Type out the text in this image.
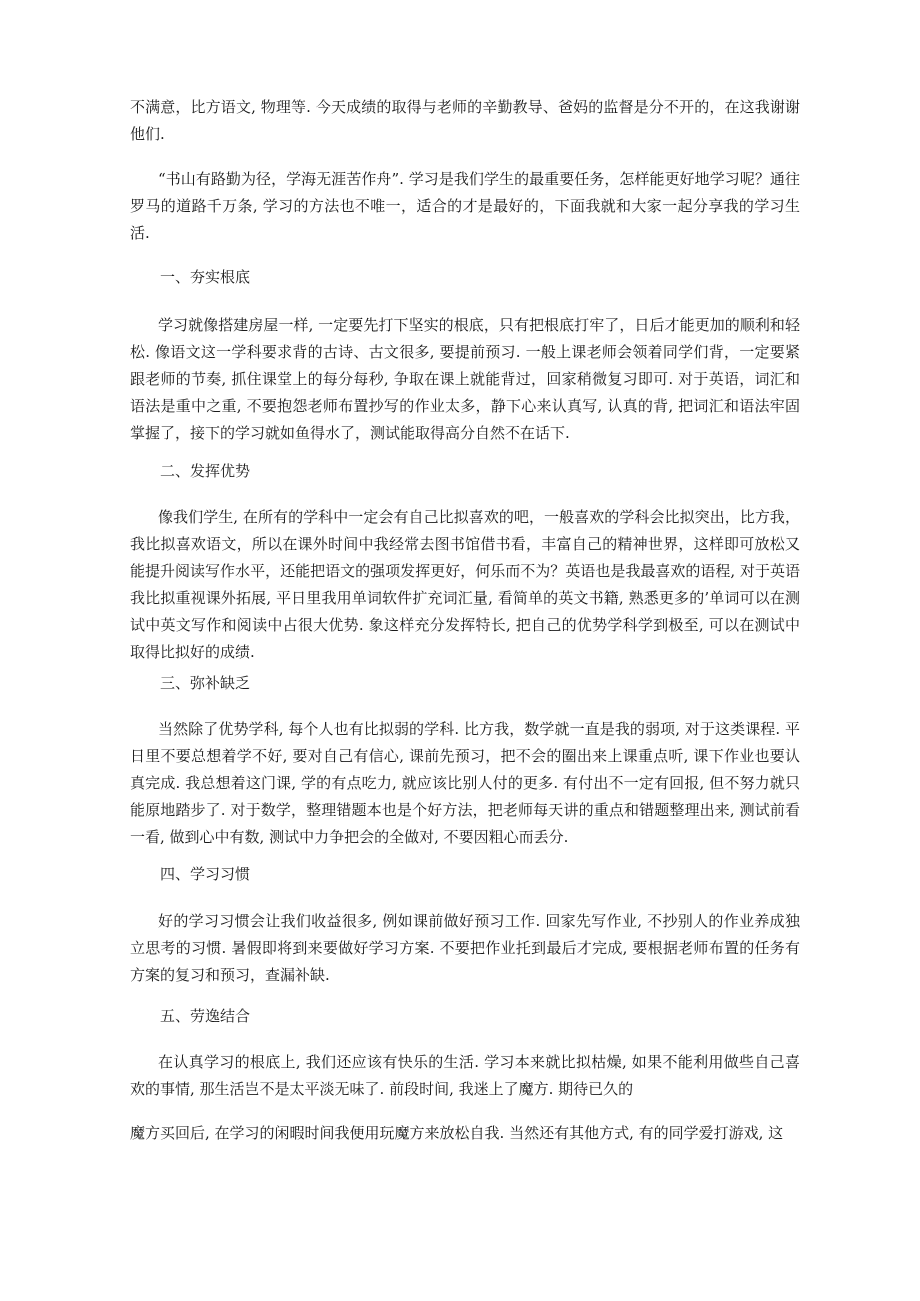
不满意，比方语文, 物理等. 今天成绩的取得与老师的辛勤教导、爸妈的监督是分不开的，在这我谢谢他们.

“书山有路勤为径，学海无涯苦作舟”. 学习是我们学生的最重要任务，怎样能更好地学习呢？通往罗马的道路千万条, 学习的方法也不唯一，适合的才是最好的，下面我就和大家一起分享我的学习生活.

一、夯实根底

学习就像搭建房屋一样, 一定要先打下坚实的根底，只有把根底打牢了，日后才能更加的顺利和轻松. 像语文这一学科要求背的古诗、古文很多, 要提前预习. 一般上课老师会领着同学们背，一定要紧跟老师的节奏, 抓住课堂上的每分每秒, 争取在课上就能背过，回家稍微复习即可. 对于英语，词汇和语法是重中之重, 不要抱怨老师布置抄写的作业太多，静下心来认真写, 认真的背, 把词汇和语法牢固掌握了，接下的学习就如鱼得水了，测试能取得高分自然不在话下.

二、发挥优势

像我们学生, 在所有的学科中一定会有自己比拟喜欢的吧，一般喜欢的学科会比拟突出，比方我，我比拟喜欢语文，所以在课外时间中我经常去图书馆借书看，丰富自己的精神世界，这样即可放松又能提升阅读写作水平，还能把语文的强项发挥更好，何乐而不为？英语也是我最喜欢的语程, 对于英语我比拟重视课外拓展, 平日里我用单词软件扩充词汇量, 看简单的英文书籍, 熟悉更多的’单词可以在测试中英文写作和阅读中占很大优势. 象这样充分发挥特长, 把自己的优势学科学到极至, 可以在测试中取得比拟好的成绩.

三、弥补缺乏

当然除了优势学科, 每个人也有比拟弱的学科. 比方我，数学就一直是我的弱项, 对于这类课程. 平日里不要总想着学不好, 要对自己有信心, 课前先预习，把不会的圈出来上课重点听, 课下作业也要认真完成. 我总想着这门课, 学的有点吃力, 就应该比别人付的更多. 有付出不一定有回报, 但不努力就只能原地踏步了. 对于数学，整理错题本也是个好方法，把老师每天讲的重点和错题整理出来, 测试前看一看, 做到心中有数, 测试中力争把会的全做对, 不要因粗心而丢分.

四、学习习惯

好的学习习惯会让我们收益很多, 例如课前做好预习工作. 回家先写作业, 不抄别人的作业养成独立思考的习惯. 暑假即将到来要做好学习方案. 不要把作业托到最后才完成, 要根据老师布置的任务有方案的复习和预习，查漏补缺.

五、劳逸结合

在认真学习的根底上, 我们还应该有快乐的生活. 学习本来就比拟枯燥, 如果不能利用做些自己喜欢的事情, 那生活岂不是太平淡无味了. 前段时间, 我迷上了魔方. 期待已久的

魔方买回后, 在学习的闲暇时间我便用玩魔方来放松自我. 当然还有其他方式, 有的同学爱打游戏, 这
